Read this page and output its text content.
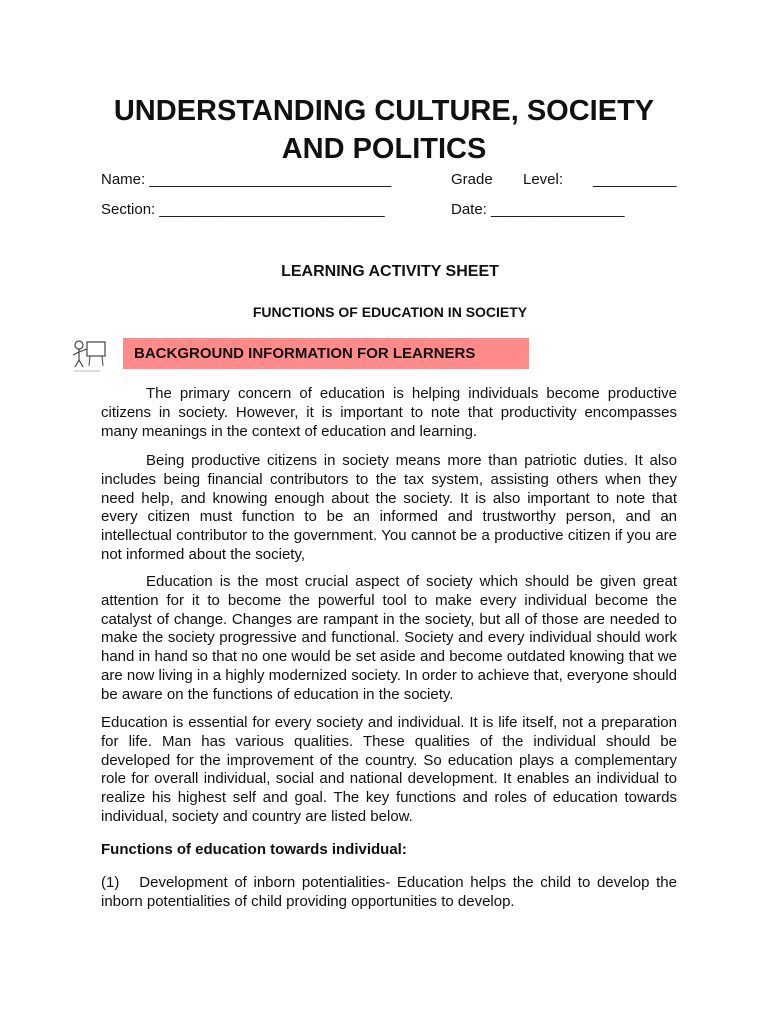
UNDERSTANDING CULTURE, SOCIETY AND POLITICS
Name: _____________________________	Grade Level: __________
Section: ___________________________	Date: ________________
LEARNING ACTIVITY SHEET
FUNCTIONS OF EDUCATION IN SOCIETY
BACKGROUND INFORMATION FOR LEARNERS

The primary concern of education is helping individuals become productive citizens in society. However, it is important to note that productivity encompasses many meanings in the context of education and learning.

Being productive citizens in society means more than patriotic duties. It also includes being financial contributors to the tax system, assisting others when they need help, and knowing enough about the society. It is also important to note that every citizen must function to be an informed and trustworthy person, and an intellectual contributor to the government. You cannot be a productive citizen if you are not informed about the society,

Education is the most crucial aspect of society which should be given great attention for it to become the powerful tool to make every individual become the catalyst of change. Changes are rampant in the society, but all of those are needed to make the society progressive and functional. Society and every individual should work hand in hand so that no one would be set aside and become outdated knowing that we are now living in a highly modernized society. In order to achieve that, everyone should be aware on the functions of education in the society.

Education is essential for every society and individual. It is life itself, not a preparation for life. Man has various qualities. These qualities of the individual should be developed for the improvement of the country. So education plays a complementary role for overall individual, social and national development. It enables an individual to realize his highest self and goal. The key functions and roles of education towards individual, society and country are listed below.

Functions of education towards individual:

(1)   Development of inborn potentialities- Education helps the child to develop the inborn potentialities of child providing opportunities to develop.
